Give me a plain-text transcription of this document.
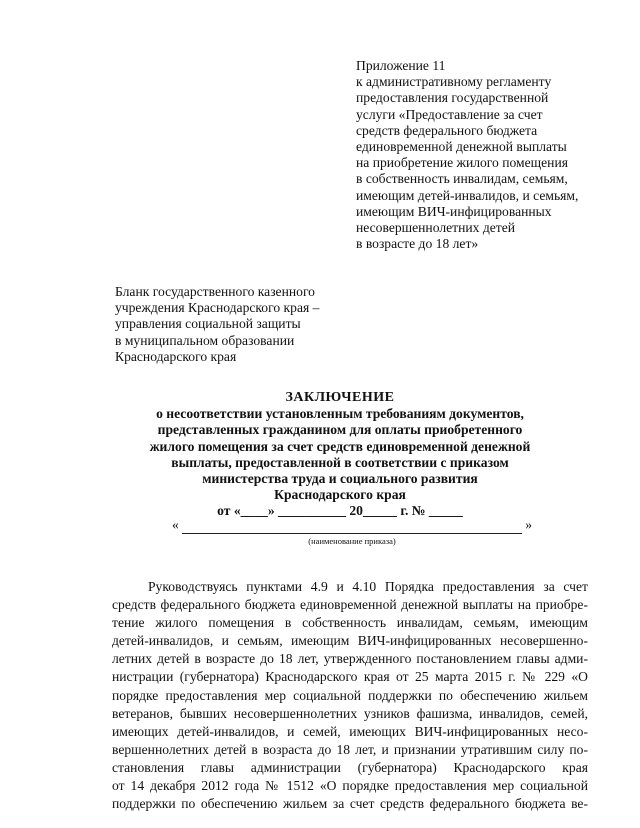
Приложение 11
к административному регламенту
предоставления государственной
услуги «Предоставление за счет
средств федерального бюджета
единовременной денежной выплаты
на приобретение жилого помещения
в собственность инвалидам, семьям,
имеющим детей-инвалидов, и семьям,
имеющим ВИЧ-инфицированных
несовершеннолетних детей
в возрасте до 18 лет»
Бланк государственного казенного
учреждения Краснодарского края –
управления социальной защиты
в муниципальном образовании
Краснодарского края
ЗАКЛЮЧЕНИЕ
о несоответствии установленным требованиям документов,
представленных гражданином для оплаты приобретенного
жилого помещения за счет средств единовременной денежной
выплаты, предоставленной в соответствии с приказом
министерства труда и социального развития
Краснодарского края
от «____» __________ 20_____ г. № _____
«	»
(наименование приказа)
Руководствуясь пунктами 4.9 и 4.10 Порядка предоставления за счет
средств федерального бюджета единовременной денежной выплаты на приобре-
тение жилого помещения в собственность инвалидам, семьям, имеющим
детей-инвалидов, и семьям, имеющим ВИЧ-инфицированных несовершенно-
летних детей в возрасте до 18 лет, утвержденного постановлением главы адми-
нистрации (губернатора) Краснодарского края от 25 марта 2015 г. № 229 «О
порядке предоставления мер социальной поддержки по обеспечению жильем
ветеранов, бывших несовершеннолетних узников фашизма, инвалидов, семей,
имеющих детей-инвалидов, и семей, имеющих ВИЧ-инфицированных несо-
вершеннолетних детей в возраста до 18 лет, и признании утратившим силу по-
становления главы администрации (губернатора) Краснодарского края
от 14 декабря 2012 года № 1512 «О порядке предоставления мер социальной
поддержки по обеспечению жильем за счет средств федерального бюджета ве-
